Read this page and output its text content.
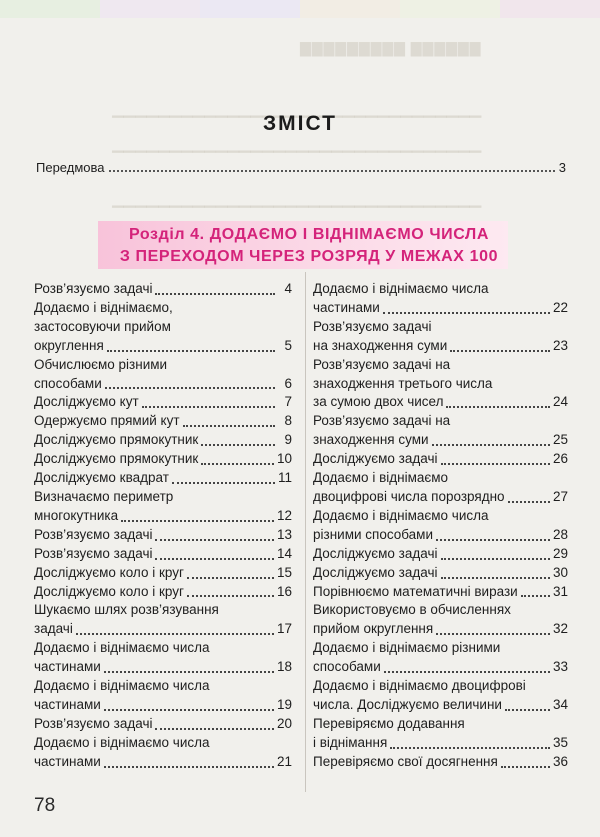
▇▇▇▇▇▇▇▇▇ ▇▇▇▇▇▇
▁▁▁▁▁▁▁▁▁▁▁▁▁▁▁▁▁▁▁▁▁▁▁▁▁▁▁▁▁▁▁▁
▁▁▁▁▁▁▁▁▁▁▁▁▁▁▁▁▁▁▁▁▁▁▁▁▁▁▁▁▁▁▁▁
▁▁▁▁▁▁▁▁▁▁▁▁▁▁▁▁▁▁▁▁▁▁▁▁▁▁▁▁▁▁▁▁
ЗМІСТ
Передмова	3
Розділ 4. ДОДАЄМО І ВІДНІМАЄМО ЧИСЛА
З ПЕРЕХОДОМ ЧЕРЕЗ РОЗРЯД У МЕЖАХ 100
Розв’язуємо задачі	4
Додаємо і віднімаємо,
застосовуючи прийом
округлення	5
Обчислюємо різними
способами	6
Досліджуємо кут	7
Одержуємо прямий кут	8
Досліджуємо прямокутник	9
Досліджуємо прямокутник	10
Досліджуємо квадрат	11
Визначаємо периметр
многокутника	12
Розв’язуємо задачі	13
Розв’язуємо задачі	14
Досліджуємо коло і круг	15
Досліджуємо коло і круг	16
Шукаємо шлях розв’язування
задачі	17
Додаємо і віднімаємо числа
частинами	18
Додаємо і віднімаємо числа
частинами	19
Розв’язуємо задачі	20
Додаємо і віднімаємо числа
частинами	21
Додаємо і віднімаємо числа
частинами	22
Розв’язуємо задачі
на знаходження суми	23
Розв’язуємо задачі на
знаходження третього числа
за сумою двох чисел	24
Розв’язуємо задачі на
знаходження суми	25
Досліджуємо задачі	26
Додаємо і віднімаємо
двоцифрові числа порозрядно	27
Додаємо і віднімаємо числа
різними способами	28
Досліджуємо задачі	29
Досліджуємо задачі	30
Порівнюємо математичні вирази	31
Використовуємо в обчисленнях
прийом округлення	32
Додаємо і віднімаємо різними
способами	33
Додаємо і віднімаємо двоцифрові
числа. Досліджуємо величини	34
Перевіряємо додавання
і віднімання	35
Перевіряємо свої досягнення	36
78
